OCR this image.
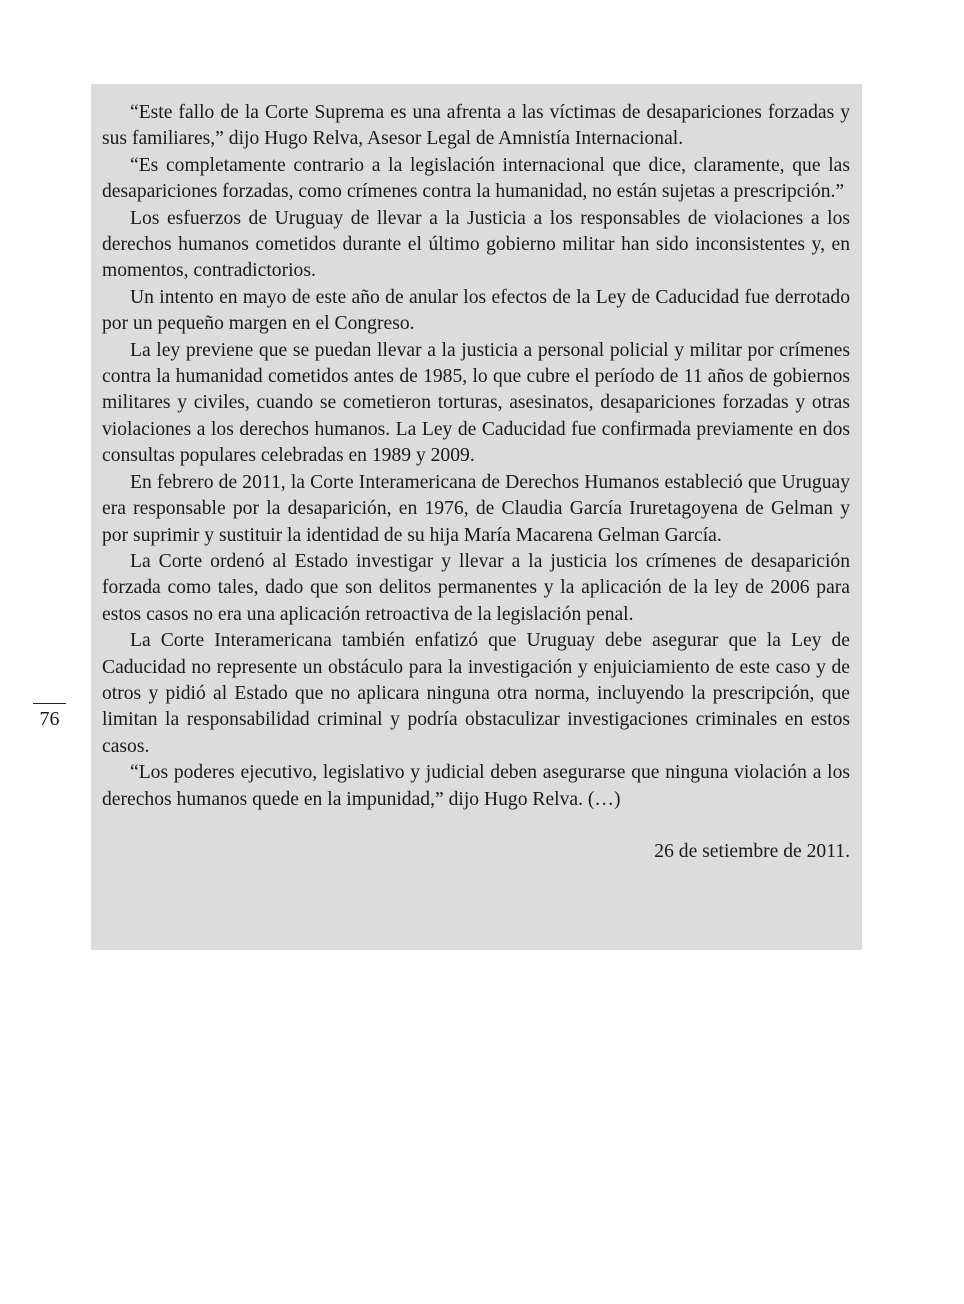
76

“Este fallo de la Corte Suprema es una afrenta a las víctimas de desapariciones forzadas y sus familiares,” dijo Hugo Relva, Asesor Legal de Amnistía Internacional.

“Es completamente contrario a la legislación internacional que dice, claramente, que las desapariciones forzadas, como crímenes contra la humanidad, no están sujetas a prescripción.”

Los esfuerzos de Uruguay de llevar a la Justicia a los responsables de violaciones a los derechos humanos cometidos durante el último gobierno militar han sido inconsistentes y, en momentos, contradictorios.

Un intento en mayo de este año de anular los efectos de la Ley de Caducidad fue derrotado por un pequeño margen en el Congreso.

La ley previene que se puedan llevar a la justicia a personal policial y militar por crímenes contra la humanidad cometidos antes de 1985, lo que cubre el período de 11 años de gobiernos militares y civiles, cuando se cometieron torturas, asesinatos, desapariciones forzadas y otras violaciones a los derechos humanos. La Ley de Caducidad fue confirmada previamente en dos consultas populares celebradas en 1989 y 2009.

En febrero de 2011, la Corte Interamericana de Derechos Humanos estableció que Uruguay era responsable por la desaparición, en 1976, de Claudia García Iruretagoyena de Gelman y por suprimir y sustituir la identidad de su hija María Macarena Gelman García.

La Corte ordenó al Estado investigar y llevar a la justicia los crímenes de desaparición forzada como tales, dado que son delitos permanentes y la aplicación de la ley de 2006 para estos casos no era una aplicación retroactiva de la legislación penal.

La Corte Interamericana también enfatizó que Uruguay debe asegurar que la Ley de Caducidad no represente un obstáculo para la investigación y enjuiciamiento de este caso y de otros y pidió al Estado que no aplicara ninguna otra norma, incluyendo la prescripción, que limitan la responsabilidad criminal y podría obstaculizar investigaciones criminales en estos casos.

“Los poderes ejecutivo, legislativo y judicial deben asegurarse que ninguna violación a los derechos humanos quede en la impunidad,” dijo Hugo Relva. (…)

26 de setiembre de 2011.
